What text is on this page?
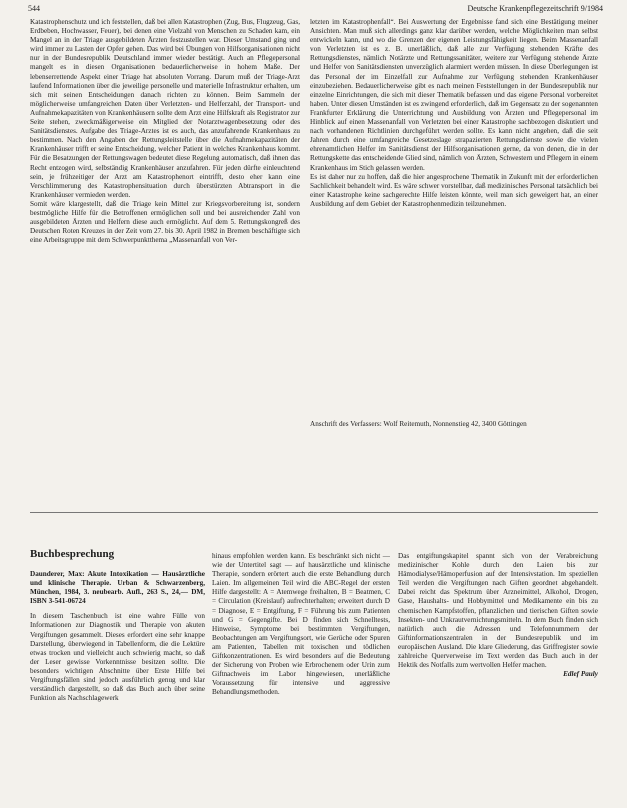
544	Deutsche Krankenpflegezeitschrift 9/1984

Katastrophenschutz und ich feststellen, daß bei allen Katastrophen (Zug, Bus, Flugzeug, Gas, Erdbeben, Hochwasser, Feuer), bei denen eine Vielzahl von Menschen zu Schaden kam, ein Mangel an in der Triage ausgebildeten Ärzten festzustellen war. Dieser Umstand ging und wird immer zu Lasten der Opfer gehen. Das wird bei Übungen von Hilfsorganisationen nicht nur in der Bundesrepublik Deutschland immer wieder bestätigt. Auch an Pflegepersonal mangelt es in diesen Organisationen bedauerlicherweise in hohem Maße. Der lebenserrettende Aspekt einer Triage hat absoluten Vorrang. Darum muß der Triage-Arzt laufend Informationen über die jeweilige personelle und materielle Infrastruktur erhalten, um sich mit seinen Entscheidungen danach richten zu können. Beim Sammeln der möglicherweise umfangreichen Daten über Verletzten- und Helferzahl, der Transport- und Aufnahmekapazitäten von Krankenhäusern sollte dem Arzt eine Hilfskraft als Registrator zur Seite stehen, zweckmäßigerweise ein Mitglied der Notarztwagenbesetzung oder des Sanitätsdienstes. Aufgabe des Triage-Arztes ist es auch, das anzufahrende Krankenhaus zu bestimmen. Nach den Angaben der Rettungsleitstelle über die Aufnahmekapazitäten der Krankenhäuser trifft er seine Entscheidung, welcher Patient in welches Krankenhaus kommt. Für die Besatzungen der Rettungswagen bedeutet diese Regelung automatisch, daß ihnen das Recht entzogen wird, selbständig Krankenhäuser anzufahren. Für jeden dürfte einleuchtend sein, je frühzeitiger der Arzt am Katastrophenort eintrifft, desto eher kann eine Verschlimmerung des Katastrophensituation durch überstürzten Abtransport in die Krankenhäuser vermieden werden.

Somit wäre klargestellt, daß die Triage kein Mittel zur Kriegsvorbereitung ist, sondern bestmögliche Hilfe für die Betroffenen ermöglichen soll und bei ausreichender Zahl von ausgebildeten Ärzten und Helfern diese auch ermöglicht. Auf dem 5. Rettungskongreß des Deutschen Roten Kreuzes in der Zeit vom 27. bis 30. April 1982 in Bremen beschäftigte sich eine Arbeitsgruppe mit dem Schwerpunktthema „Massenanfall von Ver-

letzten im Katastrophenfall“. Bei Auswertung der Ergebnisse fand sich eine Bestätigung meiner Ansichten. Man muß sich allerdings ganz klar darüber werden, welche Möglichkeiten man selbst entwickeln kann, und wo die Grenzen der eigenen Leistungsfähigkeit liegen. Beim Massenanfall von Verletzten ist es z. B. unerläßlich, daß alle zur Verfügung stehenden Kräfte des Rettungsdienstes, nämlich Notärzte und Rettungssanitäter, weitere zur Verfügung stehende Ärzte und Helfer von Sanitätsdiensten unverzüglich alarmiert werden müssen. In diese Überlegungen ist das Personal der im Einzelfall zur Aufnahme zur Verfügung stehenden Krankenhäuser einzubeziehen. Bedauerlicherweise gibt es nach meinen Feststellungen in der Bundesrepublik nur einzelne Einrichtungen, die sich mit dieser Thematik befassen und das eigene Personal vorbereitet haben. Unter diesen Umständen ist es zwingend erforderlich, daß im Gegensatz zu der sogenannten Frankfurter Erklärung die Unterrichtung und Ausbildung von Ärzten und Pflegepersonal im Hinblick auf einen Massenanfall von Verletzten bei einer Katastrophe sachbezogen diskutiert und nach vorhandenen Richtlinien durchgeführt werden sollte. Es kann nicht angehen, daß die seit Jahren durch eine umfangreiche Gesetzeslage strapazierten Rettungsdienste sowie die vielen ehrenamtlichen Helfer im Sanitätsdienst der Hilfsorganisationen gerne, da von denen, die in der Rettungskette das entscheidende Glied sind, nämlich von Ärzten, Schwestern und Pflegern in einem Krankenhaus im Stich gelassen werden.

Es ist daher nur zu hoffen, daß die hier angesprochene Thematik in Zukunft mit der erforderlichen Sachlichkeit behandelt wird. Es wäre schwer vorstellbar, daß medizinisches Personal tatsächlich bei einer Katastrophe keine sachgerechte Hilfe leisten könnte, weil man sich geweigert hat, an einer Ausbildung auf dem Gebiet der Katastrophenmedizin teilzunehmen.

Anschrift des Verfassers: Wolf Reitemuth, Nonnenstieg 42, 3400 Göttingen
Buchbesprechung

Daunderer, Max: Akute Intoxikation — Hausärztliche und klinische Therapie. Urban & Schwarzenberg, München, 1984, 3. neubearb. Aufl., 263 S., 24,— DM, ISBN 3-541-06724

In diesem Taschenbuch ist eine wahre Fülle von Informationen zur Diagnostik und Therapie von akuten Vergiftungen gesammelt. Dieses erfordert eine sehr knappe Darstellung, überwiegend in Tabellenform, die die Lektüre etwas trocken und vielleicht auch schwierig macht, so daß der Leser gewisse Vorkenntnisse besitzen sollte. Die besonders wichtigen Abschnitte über Erste Hilfe bei Vergiftungsfällen sind jedoch ausführlich genug und klar verständlich dargestellt, so daß das Buch auch über seine Funktion als Nachschlagewerk

hinaus empfohlen werden kann. Es beschränkt sich nicht — wie der Untertitel sagt — auf hausärztliche und klinische Therapie, sondern erörtert auch die erste Behandlung durch Laien. Im allgemeinen Teil wird die ABC-Regel der ersten Hilfe dargestellt: A = Atemwege freihalten, B = Beatmen, C = Circulation (Kreislauf) aufrechterhalten; erweitert durch D = Diagnose, E = Entgiftung, F = Führung bis zum Patienten und G = Gegengifte. Bei D finden sich Schnelltests, Hinweise, Symptome bei bestimmten Vergiftungen, Beobachtungen am Vergiftungsort, wie Gerüche oder Spuren am Patienten, Tabellen mit toxischen und tödlichen Giftkonzentrationen. Es wird besonders auf die Bedeutung der Sicherung von Proben wie Erbrochenem oder Urin zum Giftnachweis im Labor hingewiesen, unerläßliche Voraussetzung für intensive und aggressive Behandlungsmethoden.

Das entgiftungskapitel spannt sich von der Verabreichung medizinischer Kohle durch den Laien bis zur Hämodialyse/Hämoperfusion auf der Intensivstation. Im speziellen Teil werden die Vergiftungen nach Giften geordnet abgehandelt. Dabei reicht das Spektrum über Arzneimittel, Alkohol, Drogen, Gase, Haushalts- und Hobbymittel und Medikamente ein bis zu chemischen Kampfstoffen, pflanzlichen und tierischen Giften sowie Insekten- und Unkrautvernichtungsmitteln. In dem Buch finden sich natürlich auch die Adressen und Telefonnummern der Giftinformationszentralen in der Bundesrepublik und im europäischen Ausland. Die klare Gliederung, das Griffregister sowie zahlreiche Querverweise im Text werden das Buch auch in der Hektik des Notfalls zum wertvollen Helfer machen.

Edlef Pauly
